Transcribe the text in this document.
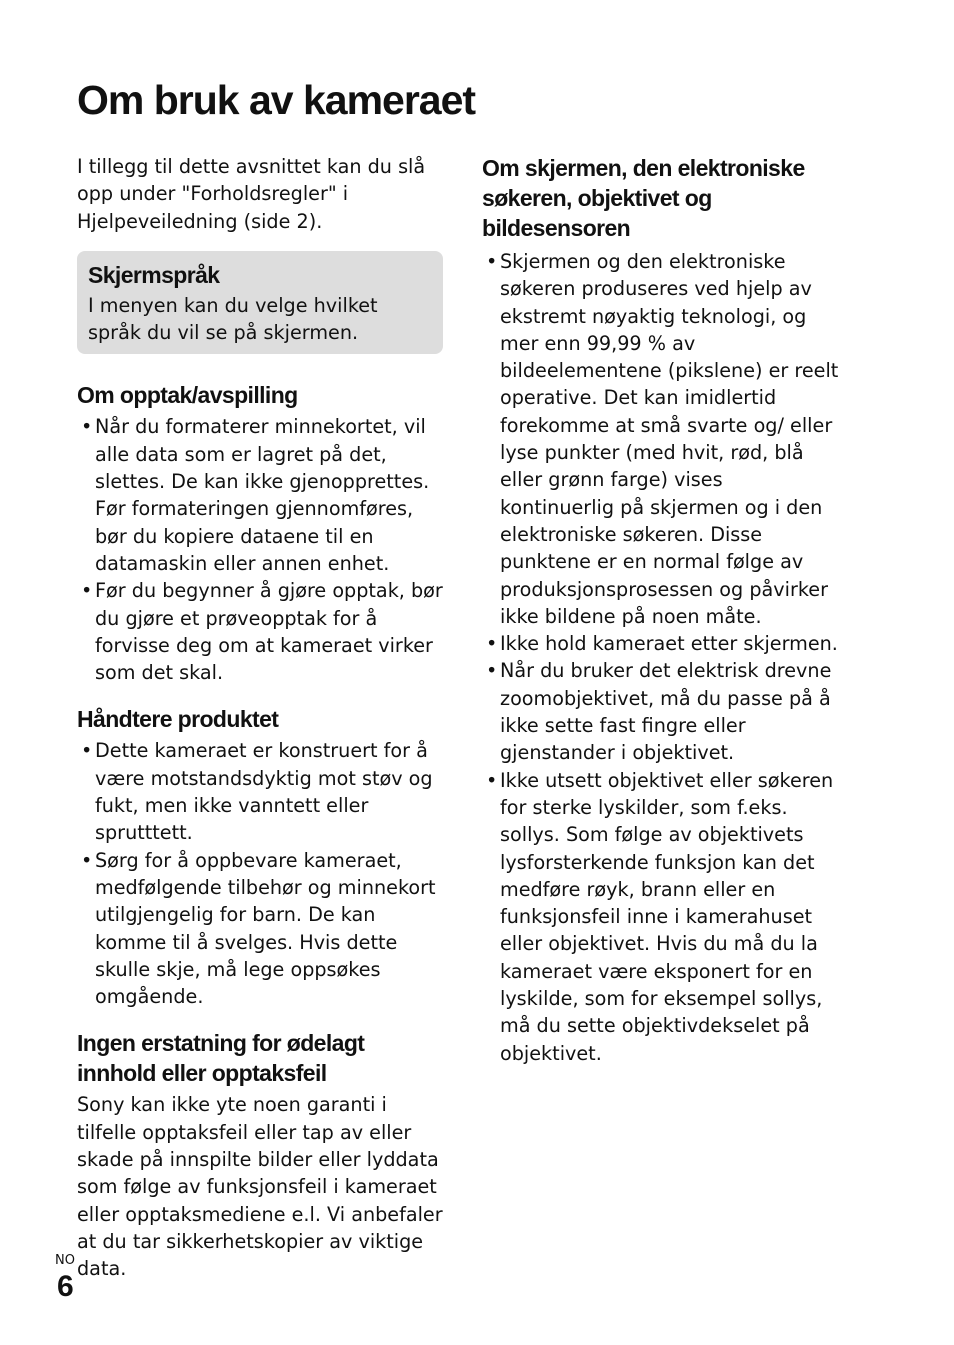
Om bruk av kameraet

I tillegg til dette avsnittet kan du slå opp under "Forholdsregler" i Hjelpeveiledning (side 2).

Skjermspråk

I menyen kan du velge hvilket språk du vil se på skjermen.

Om opptak/avspilling
• Når du formaterer minnekortet, vil alle data som er lagret på det, slettes. De kan ikke gjenopprettes. Før formateringen gjennomføres, bør du kopiere dataene til en datamaskin eller annen enhet.
• Før du begynner å gjøre opptak, bør du gjøre et prøveopptak for å forvisse deg om at kameraet virker som det skal.
Håndtere produktet
• Dette kameraet er konstruert for å være motstandsdyktig mot støv og fukt, men ikke vanntett eller sprutttett.
• Sørg for å oppbevare kameraet, medfølgende tilbehør og minnekort utilgjengelig for barn. De kan komme til å svelges. Hvis dette skulle skje, må lege oppsøkes omgående.
Ingen erstatning for ødelagt innhold eller opptaksfeil

Sony kan ikke yte noen garanti i tilfelle opptaksfeil eller tap av eller skade på innspilte bilder eller lyddata som følge av funksjonsfeil i kameraet eller opptaksmediene e.l. Vi anbefaler at du tar sikkerhetskopier av viktige data.

Om skjermen, den elektroniske søkeren, objektivet og bildesensoren
• Skjermen og den elektroniske søkeren produseres ved hjelp av ekstremt nøyaktig teknologi, og mer enn 99,99 % av bildeelementene (pikslene) er reelt operative. Det kan imidlertid forekomme at små svarte og/ eller lyse punkter (med hvit, rød, blå eller grønn farge) vises kontinuerlig på skjermen og i den elektroniske søkeren. Disse punktene er en normal følge av produksjonsprosessen og påvirker ikke bildene på noen måte.
• Ikke hold kameraet etter skjermen.
• Når du bruker det elektrisk drevne zoomobjektivet, må du passe på å ikke sette fast fingre eller gjenstander i objektivet.
• Ikke utsett objektivet eller søkeren for sterke lyskilder, som f.eks. sollys. Som følge av objektivets lysforsterkende funksjon kan det medføre røyk, brann eller en funksjonsfeil inne i kamerahuset eller objektivet. Hvis du må du la kameraet være eksponert for en lyskilde, som for eksempel sollys, må du sette objektivdekselet på objektivet.
NO
6
